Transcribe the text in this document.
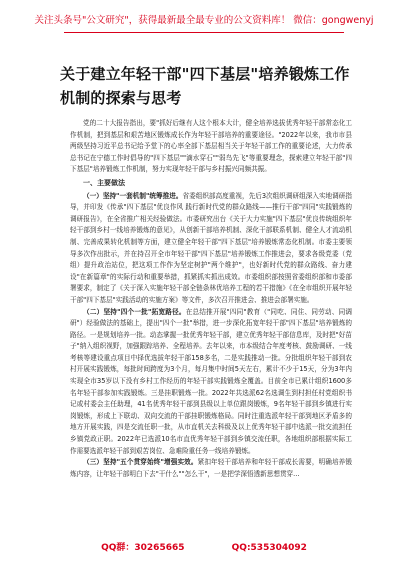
关注头条号"公文研究"，获得最新最全最专业的公文资料库！ 微信：gongwenyj
关于建立年轻干部"四下基层"培养锻炼工作机制的探索与思考

党的二十大报告指出，要"抓好后继有人这个根本大计，健全培养选拔优秀年轻干部常态化工作机制，把到基层和艰苦地区锻炼成长作为年轻干部培养的重要途径。"2022年以来，我市市县两级坚持习近平总书记给予堂下的心率全部下基层相当关于年轻干部工作的重要论述，大力传承总书记在宁德工作时倡导的"四下基层""滴水穿石""弱鸟先飞"等重要理念，探索建立年轻干部"四下基层"培养锻炼工作机制，努力实现年轻干部与乡村振兴同频共振。

一、主要做法

（一）坚持"一套机制"统筹推进。省委组织部高度重视，先后3次组织调研组深入实地调研指导，并印发《传承"四下基层"优良作风 践行新时代党的群众路线——推行干部"四同"实践锻炼的调研报告》，在全省推广相关经验做法。市委研究出台《关于大力实施"四下基层"优良传统组织年轻干部到乡村一线培养锻炼的意见》，从创新干部培养机制、深化干部联系机制、健全人才流动机制、完善成果转化机制等方面，建立健全年轻干部"四下基层"培养锻炼常态化机制。市委主要领导多次作出批示，并在持召开全市年轻干部"四下基层"培养锻炼工作推进会，要求各级党委（党组）提升政治站位，把这项工作作为坚定树护"两个维护"，也好新时代党的群众路线、奋力建设"在新篇章"的实际行动和重要举措，抓紧抓实抓出成效。市委组织部按照省委组织部和市委部署要求，制定了《关于深入实施年轻干部全链条林优培养工程的若干措施》《在全市组织开展年轻干部"四下基层"实践活动的实施方案》等文件，多次召开推进会、推进会部署实施。

（二）坚持"四个一批"拓宽路径。在总结推开展"四同"教育（"同吃、同住、同劳动、同调研"）经验做法的基础上，提出"四个一批"举措，进一步深化拓宽年轻干部"四下基层"培养锻炼的路径。一是规划培养一批。动态掌握一批优秀年轻干部，建立优秀年轻干部信息库，及时把"好苗子"纳入组织视野，加强跟踪培养、全程培养。去年以来，市本级结合年度考核、鼓励调研、一线考核等建设重点项目中择优选拔年轻干部158多名，二是实践推动一批。分批组织年轻干部到农村开展实践锻炼，每批时间跨度为3个月，每月集中时间5天左右，累计不少于15天，分为3年内实现全市35岁以下没有乡村工作经历的年轻干部实践锻炼全覆盖。目前全市已累计组织1600多名年轻干部参加实践锻炼。三是挂职锻炼一批。2022年共选派62名选调生到村担任村党组织书记或村委会主任助理，41名优秀年轻干部到县级以上单位跟岗锻炼，9名年轻干部到乡镇进行实岗锻炼，形成上下联动、双向交流的干部挂职锻炼格局。同时注重选派年轻干部到地区矛盾多的地方开展实践，四是交流任职一批，从市直机关去科级及以上优秀年轻干部中选派一批交流担任乡镇党政正职。2022年已选派10名市直优秀年轻干部到乡镇交流任职，各地组织部根据实际工作需要选派年轻干部到艰苦岗位、急难险重任务一线培养锻炼。

（三）坚持"五个贯穿始终"增强实效。紧扣年轻干部培养和年轻干部成长需要，明确培养锻炼内容，让年轻干部明白下去"干什么""怎么干"，一是把学深悟透新思想贯穿...

QQ群：30265665	QQ:535304092
